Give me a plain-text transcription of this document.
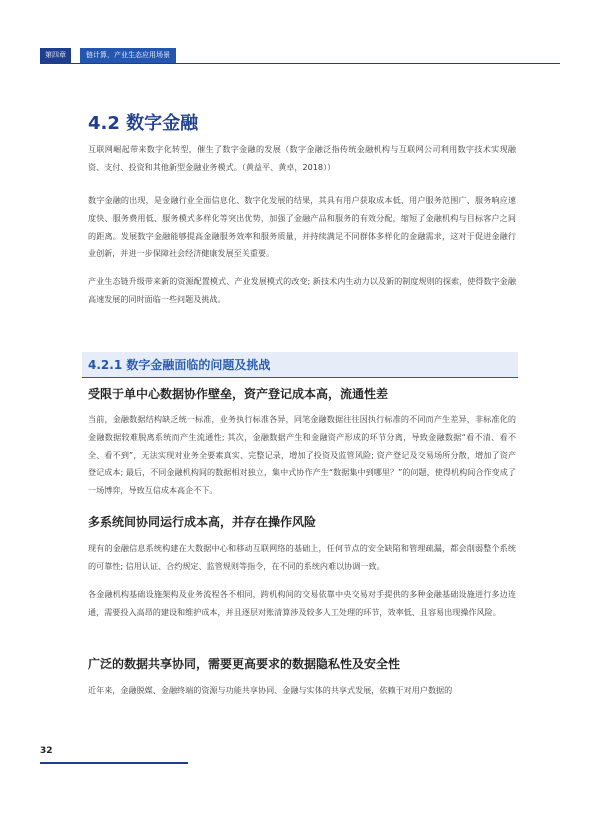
第四章	链计算，产业生态应用场景
4.2 数字金融

互联网崛起带来数字化转型，催生了数字金融的发展（数字金融泛指传统金融机构与互联网公司利用数字技术实现融资、支付、投资和其他新型金融业务模式。（黄益平、黄卓，2018））

数字金融的出现，是金融行业全面信息化、数字化发展的结果，其具有用户获取成本低、用户服务范围广、服务响应速度快、服务费用低、服务模式多样化等突出优势，加强了金融产品和服务的有效分配，缩短了金融机构与目标客户之间的距离。发展数字金融能够提高金融服务效率和服务质量，并持续满足不同群体多样化的金融需求，这对于促进金融行业创新，并进一步保障社会经济健康发展至关重要。

产业生态链升级带来新的资源配置模式、产业发展模式的改变; 新技术内生动力以及新的制度规则的探索，使得数字金融高速发展的同时面临一些问题及挑战。

4.2.1 数字金融面临的问题及挑战
受限于单中心数据协作壁垒，资产登记成本高，流通性差

当前，金融数据结构缺乏统一标准，业务执行标准各异，同笔金融数据往往因执行标准的不同而产生差异，非标准化的金融数据较难脱离系统而产生流通性; 其次，金融数据产生和金融资产形成的环节分离，导致金融数据“看不清、看不全、看不到”，无法实现对业务全要素真实、完整记录，增加了投资及监管风险; 资产登记及交易场所分散，增加了资产登记成本; 最后，不同金融机构间的数据相对独立，集中式协作产生“数据集中到哪里？”的问题，使得机构间合作变成了一场博弈，导致互信成本高企不下。

多系统间协同运行成本高，并存在操作风险

现有的金融信息系统构建在大数据中心和移动互联网络的基础上，任何节点的安全缺陷和管理疏漏，都会削弱整个系统的可靠性; 信用认证、合约规定、监管规则等指令，在不同的系统内难以协调一致。

各金融机构基础设施架构及业务流程各不相同，跨机构间的交易依靠中央交易对手提供的多种金融基础设施进行多边连通，需要投入高昂的建设和维护成本，并且逐层对账清算涉及较多人工处理的环节，效率低、且容易出现操作风险。

广泛的数据共享协同，需要更高要求的数据隐私性及安全性

近年来，金融脱媒、金融终端的资源与功能共享协同、金融与实体的共享式发展，依赖于对用户数据的

32
